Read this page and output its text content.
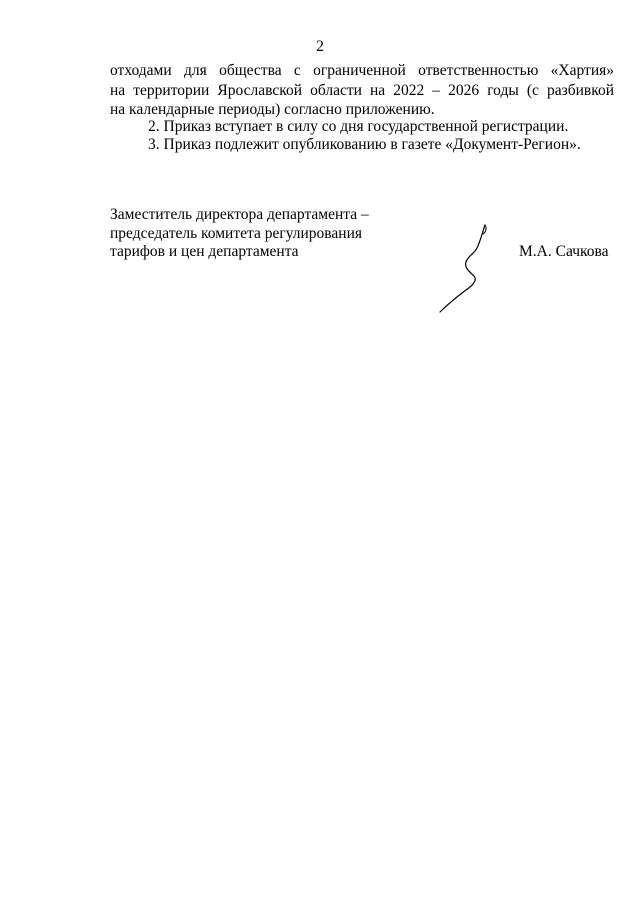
2
отходами для общества с ограниченной ответственностью «Хартия»
на территории Ярославской области на 2022 – 2026 годы (с разбивкой
на календарные периоды) согласно приложению.
2. Приказ вступает в силу со дня государственной регистрации.
3. Приказ подлежит опубликованию в газете «Документ-Регион».
Заместитель директора департамента –
председатель комитета регулирования
тарифов и цен департамента	М.А. Сачкова
